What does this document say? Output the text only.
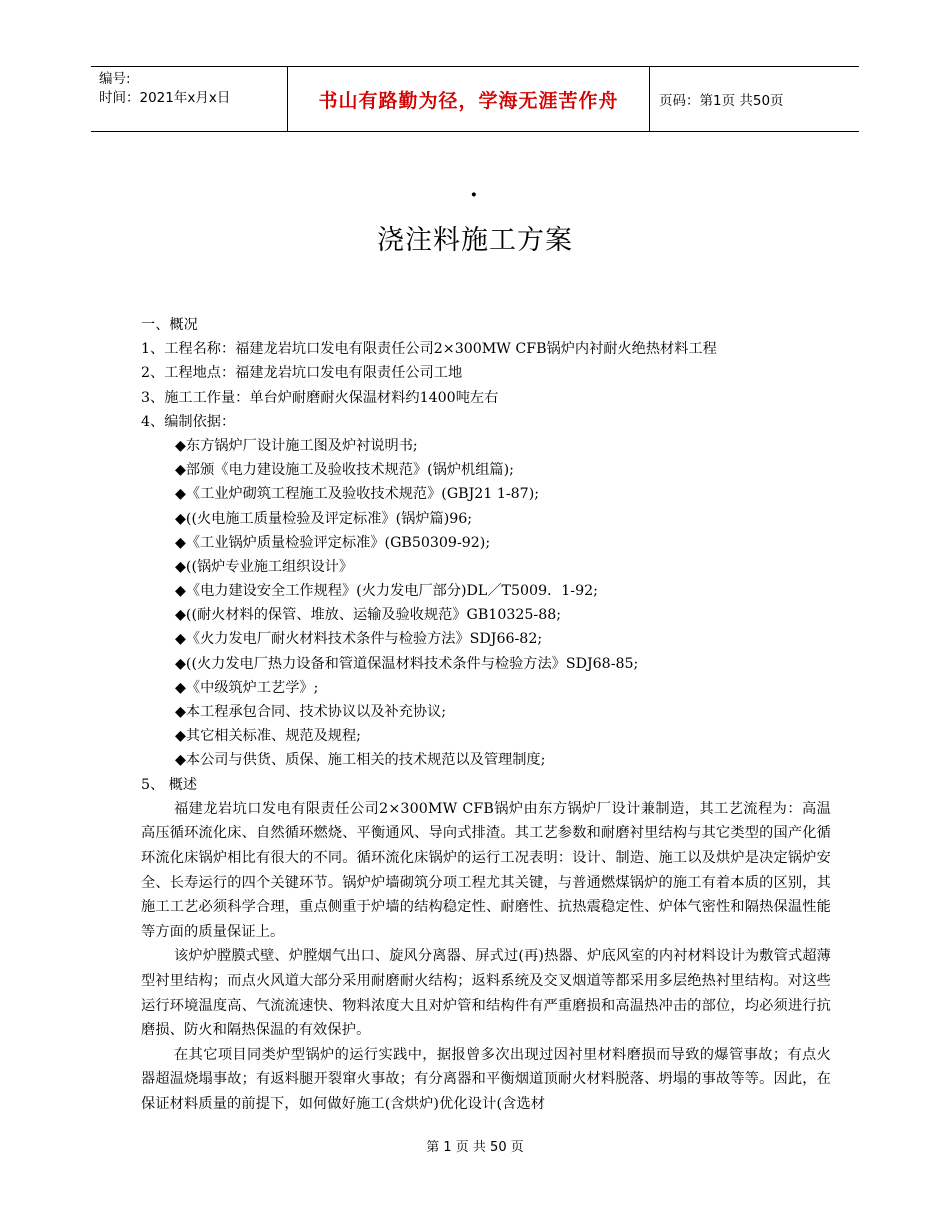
编号:
时间：2021年x月x日	书山有路勤为径，学海无涯苦作舟	页码：第1页 共50页
·
浇注料施工方案
一、概况
1、工程名称：福建龙岩坑口发电有限责任公司2×300MW CFB锅炉内衬耐火绝热材料工程
2、工程地点：福建龙岩坑口发电有限责任公司工地
3、施工工作量：单台炉耐磨耐火保温材料约1400吨左右
4、编制依据：
◆东方锅炉厂设计施工图及炉衬说明书;
◆部颁《电力建设施工及验收技术规范》(锅炉机组篇);
◆《工业炉砌筑工程施工及验收技术规范》(GBJ21 1-87);
◆((火电施工质量检验及评定标准》(锅炉篇)96;
◆《工业锅炉质量检验评定标准》(GB50309-92);
◆((锅炉专业施工组织设计》
◆《电力建设安全工作规程》(火力发电厂部分)DL／T5009．1-92;
◆((耐火材料的保管、堆放、运输及验收规范》GB10325-88;
◆《火力发电厂耐火材料技术条件与检验方法》SDJ66-82;
◆((火力发电厂热力设备和管道保温材料技术条件与检验方法》SDJ68-85;
◆《中级筑炉工艺学》;
◆本工程承包合同、技术协议以及补充协议;
◆其它相关标准、规范及规程;
◆本公司与供货、质保、施工相关的技术规范以及管理制度;
5、 概述

福建龙岩坑口发电有限责任公司2×300MW CFB锅炉由东方锅炉厂设计兼制造，其工艺流程为：高温高压循环流化床、自然循环燃烧、平衡通风、导向式排渣。其工艺参数和耐磨衬里结构与其它类型的国产化循环流化床锅炉相比有很大的不同。循环流化床锅炉的运行工况表明：设计、制造、施工以及烘炉是决定锅炉安全、长寿运行的四个关键环节。锅炉炉墙砌筑分项工程尤其关键，与普通燃煤锅炉的施工有着本质的区别，其施工工艺必须科学合理，重点侧重于炉墙的结构稳定性、耐磨性、抗热震稳定性、炉体气密性和隔热保温性能等方面的质量保证上。

该炉炉膛膜式壁、炉膛烟气出口、旋风分离器、屏式过(再)热器、炉底风室的内衬材料设计为敷管式超薄型衬里结构；而点火风道大部分采用耐磨耐火结构；返料系统及交叉烟道等都采用多层绝热衬里结构。对这些运行环境温度高、气流流速快、物料浓度大且对炉管和结构件有严重磨损和高温热冲击的部位，均必须进行抗磨损、防火和隔热保温的有效保护。

在其它项目同类炉型锅炉的运行实践中，据报曾多次出现过因衬里材料磨损而导致的爆管事故；有点火器超温烧塌事故；有返料腿开裂窜火事故；有分离器和平衡烟道顶耐火材料脱落、坍塌的事故等等。因此，在保证材料质量的前提下，如何做好施工(含烘炉)优化设计(含选材

第 1 页 共 50 页
